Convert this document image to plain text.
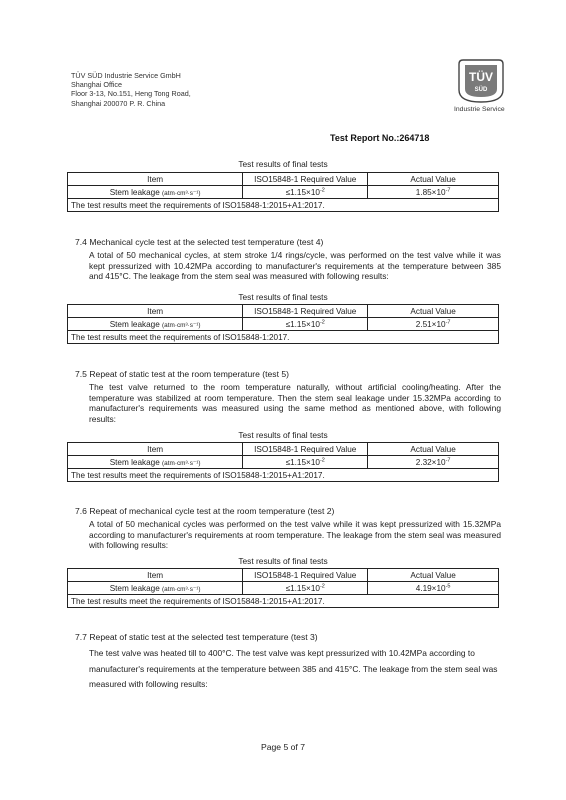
TÜV SÜD Industrie Service GmbH
Shanghai Office
Floor 3-13, No.151, Heng Tong Road,
Shanghai 200070 P. R. China
TÜV
SÜD
Industrie Service
Test Report No.:264718
Test results of final tests
Item	ISO15848-1 Required Value	Actual Value
Stem leakage (atm·cm³·s⁻¹)	$\le 1.15\times 10^{-2}$	$1.85\times 10^{-7}$
The test results meet the requirements of ISO15848-1:2015+A1:2017.		
7.4 Mechanical cycle test at the selected test temperature (test 4)
A total of 50 mechanical cycles, at stem stroke 1/4 rings/cycle, was performed on the test valve while it was kept pressurized with 10.42MPa according to manufacturer's requirements at the temperature between 385 and 415°C. The leakage from the stem seal was measured with following results:
Test results of final tests
Item	ISO15848-1 Required Value	Actual Value
Stem leakage (atm·cm³·s⁻¹)	$\le 1.15\times 10^{-2}$	$2.51\times 10^{-7}$
The test results meet the requirements of ISO15848-1:2017.		
7.5 Repeat of static test at the room temperature (test 5)
The test valve returned to the room temperature naturally, without artificial cooling/heating. After the temperature was stabilized at room temperature. Then the stem seal leakage under 15.32MPa according to manufacturer's requirements was measured using the same method as mentioned above, with following results:
Test results of final tests
Item	ISO15848-1 Required Value	Actual Value
Stem leakage (atm·cm³·s⁻¹)	$\le 1.15\times 10^{-2}$	$2.32\times 10^{-7}$
The test results meet the requirements of ISO15848-1:2015+A1:2017.		
7.6 Repeat of mechanical cycle test at the room temperature (test 2)
A total of 50 mechanical cycles was performed on the test valve while it was kept pressurized with 15.32MPa according to manufacturer's requirements at room temperature. The leakage from the stem seal was measured with following results:
Test results of final tests
Item	ISO15848-1 Required Value	Actual Value
Stem leakage (atm·cm³·s⁻¹)	$\le 1.15\times 10^{-2}$	$4.19\times 10^{-5}$
The test results meet the requirements of ISO15848-1:2015+A1:2017.		
7.7 Repeat of static test at the selected test temperature (test 3)
The test valve was heated till to 400°C. The test valve was kept pressurized with 10.42MPa according to manufacturer's requirements at the temperature between 385 and 415°C. The leakage from the stem seal was measured with following results:
Page 5 of 7
